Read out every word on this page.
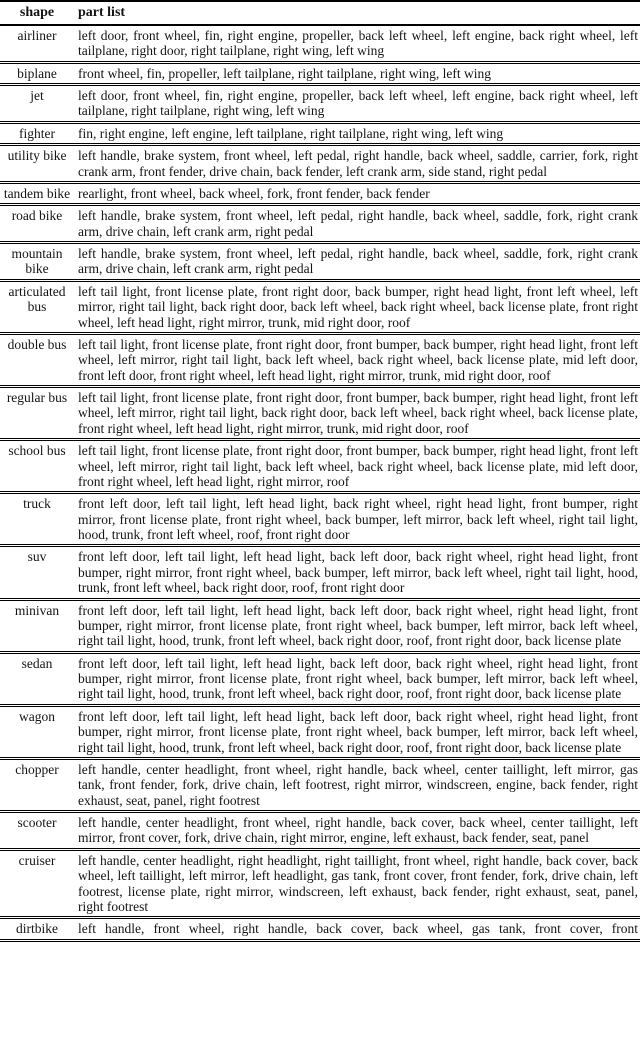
shape	part list
airliner	left door, front wheel, fin, right engine, propeller, back left wheel, left engine, back right wheel, left tailplane, right door, right tailplane, right wing, left wing
biplane	front wheel, fin, propeller, left tailplane, right tailplane, right wing, left wing
jet	left door, front wheel, fin, right engine, propeller, back left wheel, left engine, back right wheel, left tailplane, right tailplane, right wing, left wing
fighter	fin, right engine, left engine, left tailplane, right tailplane, right wing, left wing
utility bike	left handle, brake system, front wheel, left pedal, right handle, back wheel, saddle, carrier, fork, right crank arm, front fender, drive chain, back fender, left crank arm, side stand, right pedal
tandem bike	rearlight, front wheel, back wheel, fork, front fender, back fender
road bike	left handle, brake system, front wheel, left pedal, right handle, back wheel, saddle, fork, right crank arm, drive chain, left crank arm, right pedal
mountain bike	left handle, brake system, front wheel, left pedal, right handle, back wheel, saddle, fork, right crank arm, drive chain, left crank arm, right pedal
articulated bus	left tail light, front license plate, front right door, back bumper, right head light, front left wheel, left mirror, right tail light, back right door, back left wheel, back right wheel, back license plate, front right wheel, left head light, right mirror, trunk, mid right door, roof
double bus	left tail light, front license plate, front right door, front bumper, back bumper, right head light, front left wheel, left mirror, right tail light, back left wheel, back right wheel, back license plate, mid left door, front left door, front right wheel, left head light, right mirror, trunk, mid right door, roof
regular bus	left tail light, front license plate, front right door, front bumper, back bumper, right head light, front left wheel, left mirror, right tail light, back right door, back left wheel, back right wheel, back license plate, front right wheel, left head light, right mirror, trunk, mid right door, roof
school bus	left tail light, front license plate, front right door, front bumper, back bumper, right head light, front left wheel, left mirror, right tail light, back left wheel, back right wheel, back license plate, mid left door, front right wheel, left head light, right mirror, roof
truck	front left door, left tail light, left head light, back right wheel, right head light, front bumper, right mirror, front license plate, front right wheel, back bumper, left mirror, back left wheel, right tail light, hood, trunk, front left wheel, roof, front right door
suv	front left door, left tail light, left head light, back left door, back right wheel, right head light, front bumper, right mirror, front right wheel, back bumper, left mirror, back left wheel, right tail light, hood, trunk, front left wheel, back right door, roof, front right door
minivan	front left door, left tail light, left head light, back left door, back right wheel, right head light, front bumper, right mirror, front license plate, front right wheel, back bumper, left mirror, back left wheel, right tail light, hood, trunk, front left wheel, back right door, roof, front right door, back license plate
sedan	front left door, left tail light, left head light, back left door, back right wheel, right head light, front bumper, right mirror, front license plate, front right wheel, back bumper, left mirror, back left wheel, right tail light, hood, trunk, front left wheel, back right door, roof, front right door, back license plate
wagon	front left door, left tail light, left head light, back left door, back right wheel, right head light, front bumper, right mirror, front license plate, front right wheel, back bumper, left mirror, back left wheel, right tail light, hood, trunk, front left wheel, back right door, roof, front right door, back license plate
chopper	left handle, center headlight, front wheel, right handle, back wheel, center taillight, left mirror, gas tank, front fender, fork, drive chain, left footrest, right mirror, windscreen, engine, back fender, right exhaust, seat, panel, right footrest
scooter	left handle, center headlight, front wheel, right handle, back cover, back wheel, center taillight, left mirror, front cover, fork, drive chain, right mirror, engine, left exhaust, back fender, seat, panel
cruiser	left handle, center headlight, right headlight, right taillight, front wheel, right handle, back cover, back wheel, left taillight, left mirror, left headlight, gas tank, front cover, front fender, fork, drive chain, left footrest, license plate, right mirror, windscreen, left exhaust, back fender, right exhaust, seat, panel, right footrest
dirtbike	left handle, front wheel, right handle, back cover, back wheel, gas tank, front cover, front
